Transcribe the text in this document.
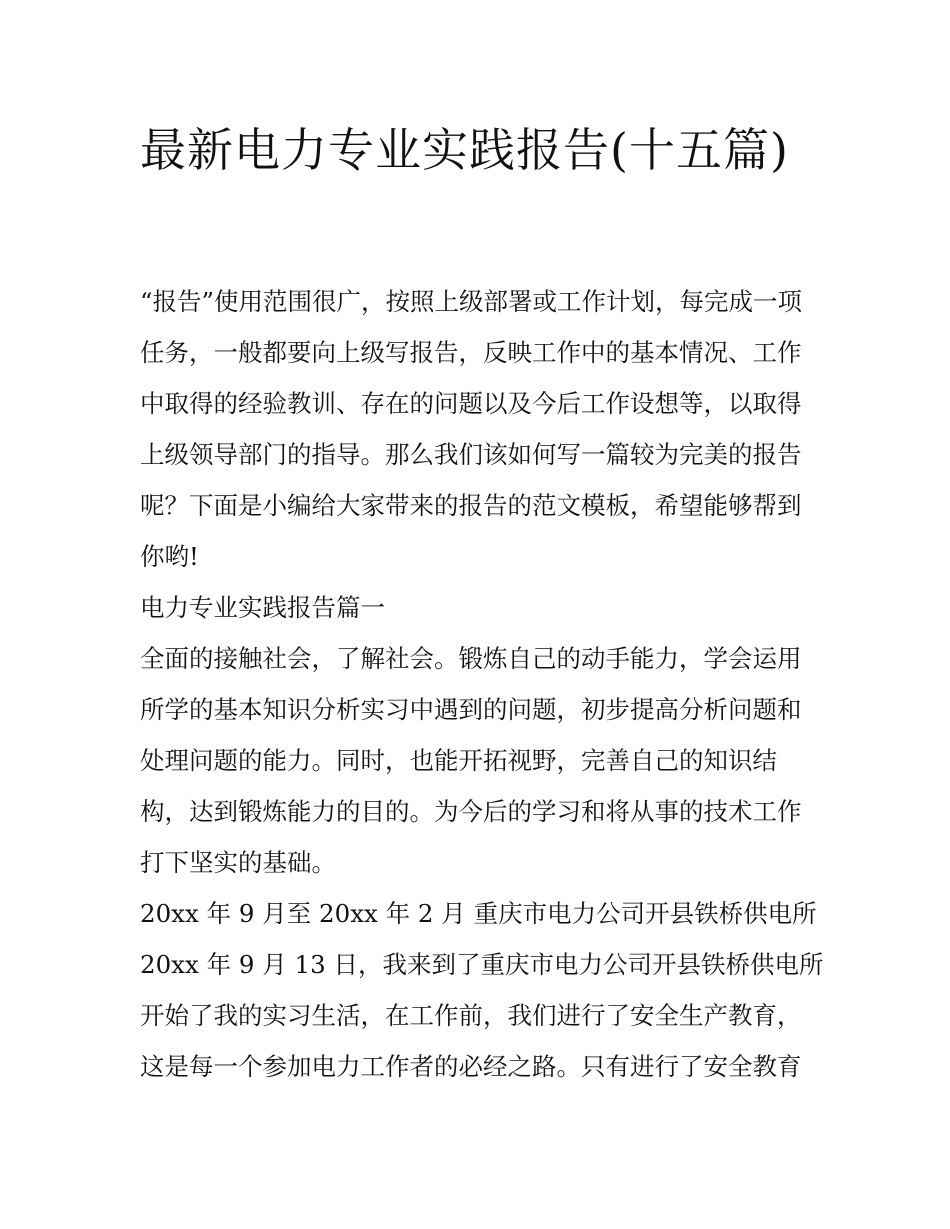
最新电力专业实践报告(十五篇)
“报告”使用范围很广，按照上级部署或工作计划，每完成一项
任务，一般都要向上级写报告，反映工作中的基本情况、工作
中取得的经验教训、存在的问题以及今后工作设想等，以取得
上级领导部门的指导。那么我们该如何写一篇较为完美的报告
呢？下面是小编给大家带来的报告的范文模板，希望能够帮到
你哟!
电力专业实践报告篇一
全面的接触社会，了解社会。锻炼自己的动手能力，学会运用
所学的基本知识分析实习中遇到的问题，初步提高分析问题和
处理问题的能力。同时，也能开拓视野，完善自己的知识结
构，达到锻炼能力的目的。为今后的学习和将从事的技术工作
打下坚实的基础。
20xx 年 9 月至 20xx 年 2 月 重庆市电力公司开县铁桥供电所
20xx 年 9 月 13 日，我来到了重庆市电力公司开县铁桥供电所
开始了我的实习生活，在工作前，我们进行了安全生产教育，
这是每一个参加电力工作者的必经之路。只有进行了安全教育
